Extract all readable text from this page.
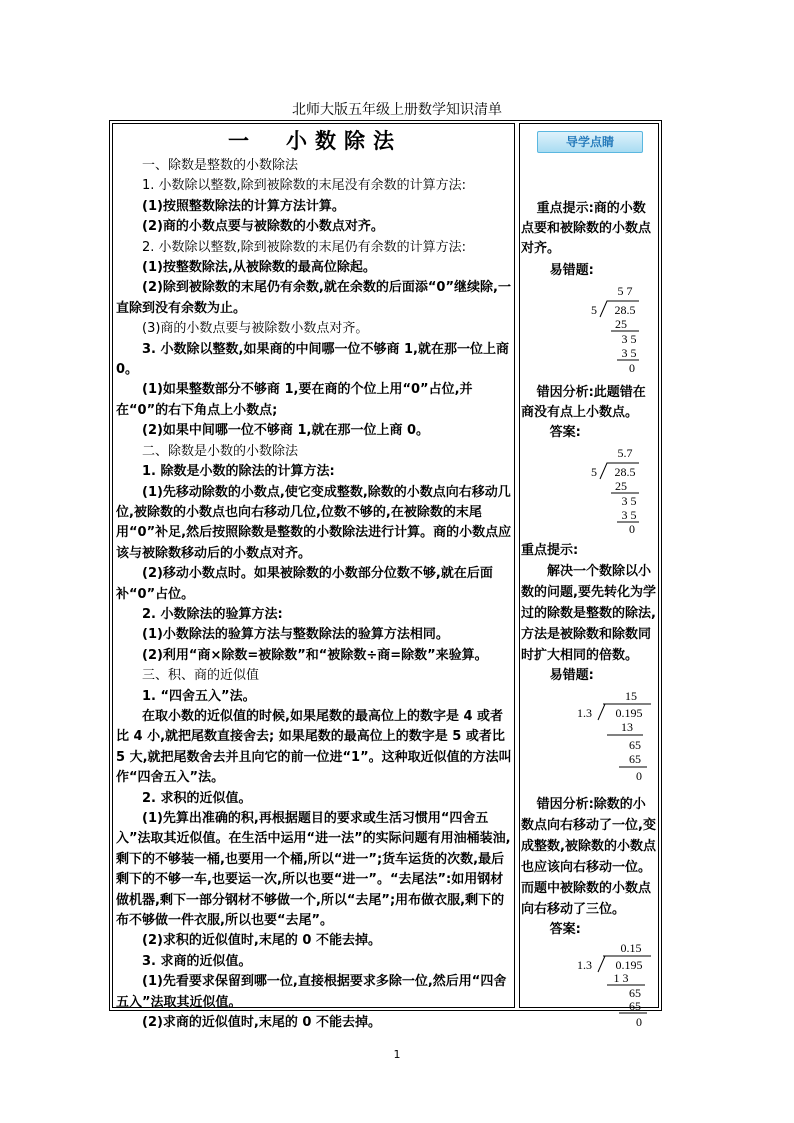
北师大版五年级上册数学知识清单
一　小数除法

一、除数是整数的小数除法

1. 小数除以整数,除到被除数的末尾没有余数的计算方法:

(1)按照整数除法的计算方法计算。

(2)商的小数点要与被除数的小数点对齐。

2. 小数除以整数,除到被除数的末尾仍有余数的计算方法:

(1)按整数除法,从被除数的最高位除起。

(2)除到被除数的末尾仍有余数,就在余数的后面添“0”继续除,一直除到没有余数为止。

(3)商的小数点要与被除数小数点对齐。

3. 小数除以整数,如果商的中间哪一位不够商 1,就在那一位上商 0。

(1)如果整数部分不够商 1,要在商的个位上用“0”占位,并在“0”的右下角点上小数点;

(2)如果中间哪一位不够商 1,就在那一位上商 0。

二、除数是小数的小数除法

1. 除数是小数的除法的计算方法:

(1)先移动除数的小数点,使它变成整数,除数的小数点向右移动几位,被除数的小数点也向右移动几位,位数不够的,在被除数的末尾用“0”补足,然后按照除数是整数的小数除法进行计算。商的小数点应该与被除数移动后的小数点对齐。

(2)移动小数点时。如果被除数的小数部分位数不够,就在后面补“0”占位。

2. 小数除法的验算方法:

(1)小数除法的验算方法与整数除法的验算方法相同。

(2)利用“商×除数=被除数”和“被除数÷商=除数”来验算。

三、积、商的近似值

1. “四舍五入”法。

在取小数的近似值的时候,如果尾数的最高位上的数字是 4 或者比 4 小,就把尾数直接舍去; 如果尾数的最高位上的数字是 5 或者比 5 大,就把尾数舍去并且向它的前一位进“1”。这种取近似值的方法叫作“四舍五入”法。

2. 求积的近似值。

(1)先算出准确的积,再根据题目的要求或生活习惯用“四舍五入”法取其近似值。在生活中运用“进一法”的实际问题有用油桶装油,剩下的不够装一桶,也要用一个桶,所以“进一”;货车运货的次数,最后剩下的不够一车,也要运一次,所以也要“进一”。“去尾法”:如用钢材做机器,剩下一部分钢材不够做一个,所以“去尾”;用布做衣服,剩下的布不够做一件衣服,所以也要“去尾”。

(2)求积的近似值时,末尾的 0 不能去掉。

3. 求商的近似值。

(1)先看要求保留到哪一位,直接根据要求多除一位,然后用“四舍五入”法取其近似值。

(2)求商的近似值时,末尾的 0 不能去掉。

导学点睛

重点提示:商的小数点要和被除数的小数点对齐。

易错题:

5 7
5 28.5
25
3 5
3 5
0

错因分析:此题错在商没有点上小数点。

答案:

5.7
5 28.5
25
3 5
3 5
0

重点提示:

解决一个数除以小数的问题,要先转化为学过的除数是整数的除法,方法是被除数和除数同时扩大相同的倍数。

易错题:

15
1.3 0.195
13
65
65
0

错因分析:除数的小数点向右移动了一位,变成整数,被除数的小数点也应该向右移动一位。而题中被除数的小数点向右移动了三位。

答案:

0.15
1.3 0.195
1 3
65
65
0
1
